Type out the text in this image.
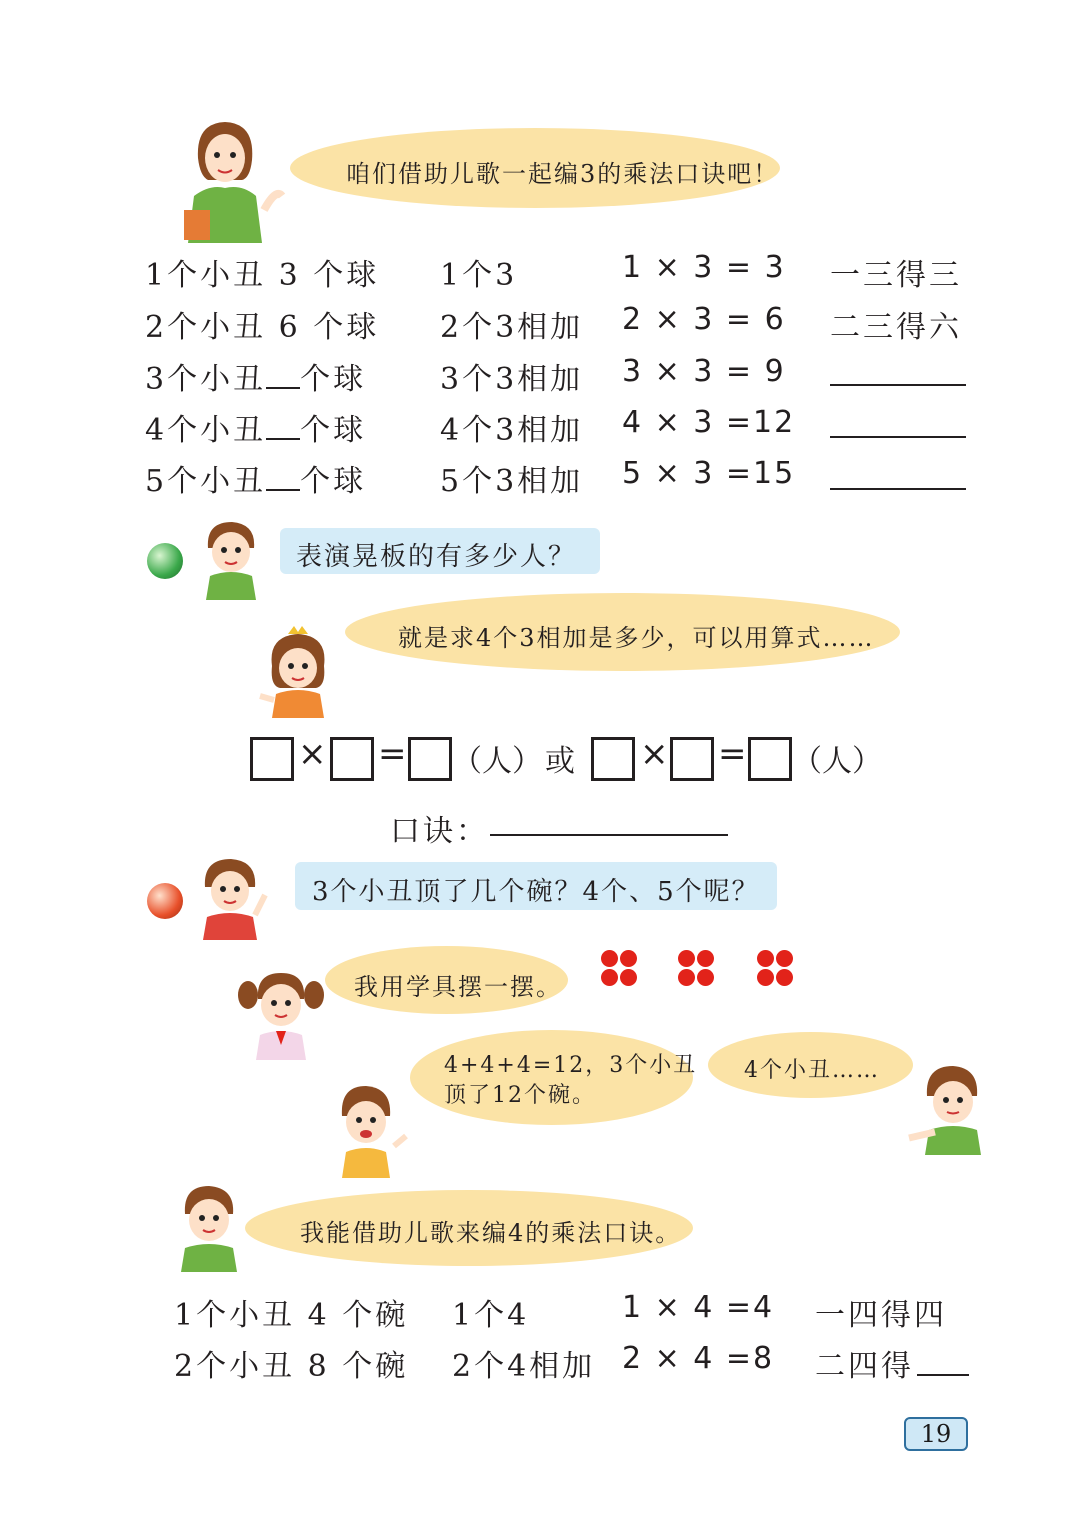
咱们借助儿歌一起编3的乘法口诀吧！
1个小丑 3 个球 1个3	1 × 3 = 3 一三得三
2个小丑 6 个球 2个3相加 2 × 3 = 6 二三得六
3个小丑 个球 3个3相加 3 × 3 = 9
4个小丑 个球 4个3相加 4 × 3 =12
5个小丑 个球 5个3相加 5 × 3 =15
表演晃板的有多少人？
就是求4个3相加是多少，可以用算式……
× = （人） 或 × = （人）
口诀：
3个小丑顶了几个碗？4个、5个呢？
我用学具摆一摆。
4+4+4=12，3个小丑
顶了12个碗。
4个小丑……
我能借助儿歌来编4的乘法口诀。
1个小丑 4 个碗 1个4	1 × 4 =4 一四得四
2个小丑 8 个碗 2个4相加 2 × 4 =8 二四得
19
